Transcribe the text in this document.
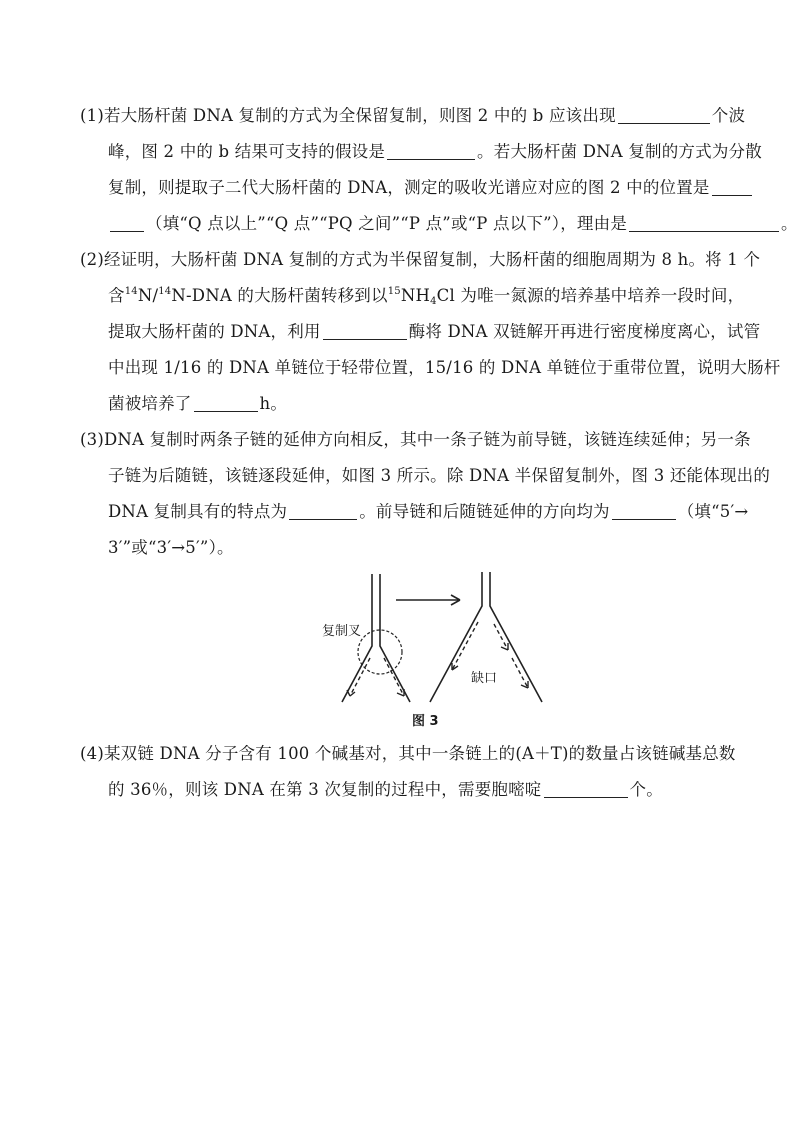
(1)若大肠杆菌 DNA 复制的方式为全保留复制，则图 2 中的 b 应该出现	个波
峰，图 2 中的 b 结果可支持的假设是	。若大肠杆菌 DNA 复制的方式为分散
复制，则提取子二代大肠杆菌的 DNA，测定的吸收光谱应对应的图 2 中的位置是
（填“Q 点以上”“Q 点”“PQ 之间”“P 点”或“P 点以下”），理由是	。
(2)经证明，大肠杆菌 DNA 复制的方式为半保留复制，大肠杆菌的细胞周期为 8 h。将 1 个
含$^{14}$N/$^{14}$N-DNA 的大肠杆菌转移到以$^{15}NH_4Cl$ 为唯一氮源的培养基中培养一段时间，
提取大肠杆菌的 DNA，利用	酶将 DNA 双链解开再进行密度梯度离心，试管
中出现 1/16 的 DNA 单链位于轻带位置，15/16 的 DNA 单链位于重带位置，说明大肠杆
菌被培养了	h。
(3)DNA 复制时两条子链的延伸方向相反，其中一条子链为前导链，该链连续延伸；另一条
子链为后随链，该链逐段延伸，如图 3 所示。除 DNA 半保留复制外，图 3 还能体现出的
DNA 复制具有的特点为	。前导链和后随链延伸的方向均为	（填“5′→
3′”或“3′→5′”）。
复制叉
缺口
图 3
(4)某双链 DNA 分子含有 100 个碱基对，其中一条链上的(A＋T)的数量占该链碱基总数
的 36％，则该 DNA 在第 3 次复制的过程中，需要胞嘧啶	个。
